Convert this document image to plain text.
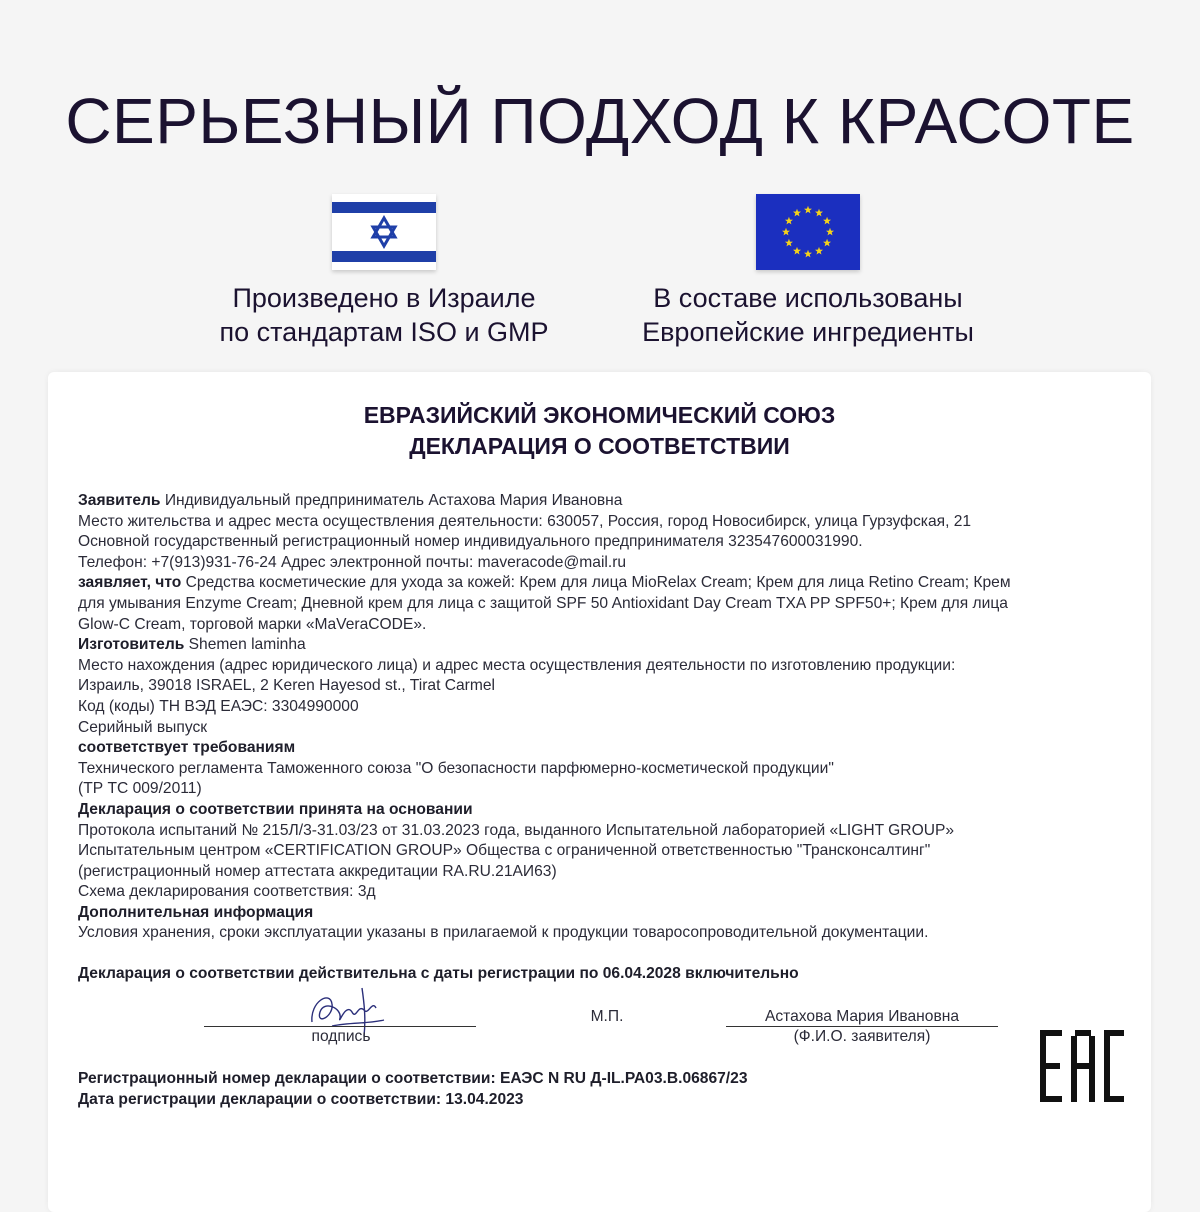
СЕРЬЕЗНЫЙ ПОДХОД К КРАСОТЕ
Произведено в Израиле
по стандартам ISO и GMP
В составе использованы
Европейские ингредиенты
ЕВРАЗИЙСКИЙ ЭКОНОМИЧЕСКИЙ СОЮЗ
ДЕКЛАРАЦИЯ О СООТВЕТСТВИИ
Заявитель Индивидуальный предприниматель Астахова Мария Ивановна
Место жительства и адрес места осуществления деятельности: 630057, Россия, город Новосибирск, улица Гурзуфская, 21
Основной государственный регистрационный номер индивидуального предпринимателя 323547600031990.
Телефон: +7(913)931-76-24 Адрес электронной почты: maveracode@mail.ru
заявляет, что Средства косметические для ухода за кожей: Крем для лица MioRelax Cream; Крем для лица Retino Cream; Крем
для умывания Enzyme Cream; Дневной крем для лица с защитой SPF 50 Antioxidant Day Cream TXA PP SPF50+; Крем для лица
Glow-C Cream, торговой марки «MaVeraCODE».
Изготовитель Shemen laminha
Место нахождения (адрес юридического лица) и адрес места осуществления деятельности по изготовлению продукции:
Израиль, 39018 ISRAEL, 2 Keren Hayesod st., Tirat Carmel
Код (коды) ТН ВЭД ЕАЭС: 3304990000
Серийный выпуск
соответствует требованиям
Технического регламента Таможенного союза "О безопасности парфюмерно-косметической продукции"
(ТР ТС 009/2011)
Декларация о соответствии принята на основании
Протокола испытаний № 215Л/3-31.03/23 от 31.03.2023 года, выданного Испытательной лабораторией «LIGHT GROUP»
Испытательным центром «CERTIFICATION GROUP» Общества с ограниченной ответственностью "Трансконсалтинг"
(регистрационный номер аттестата аккредитации RA.RU.21АИ63)
Схема декларирования соответствия: 3д
Дополнительная информация
Условия хранения, сроки эксплуатации указаны в прилагаемой к продукции товаросопроводительной документации.
Декларация о соответствии действительна с даты регистрации по 06.04.2028 включительно
подпись
М.П.	Астахова Мария Ивановна
(Ф.И.О. заявителя)
Регистрационный номер декларации о соответствии: ЕАЭС N RU Д-IL.РА03.В.06867/23
Дата регистрации декларации о соответствии: 13.04.2023
